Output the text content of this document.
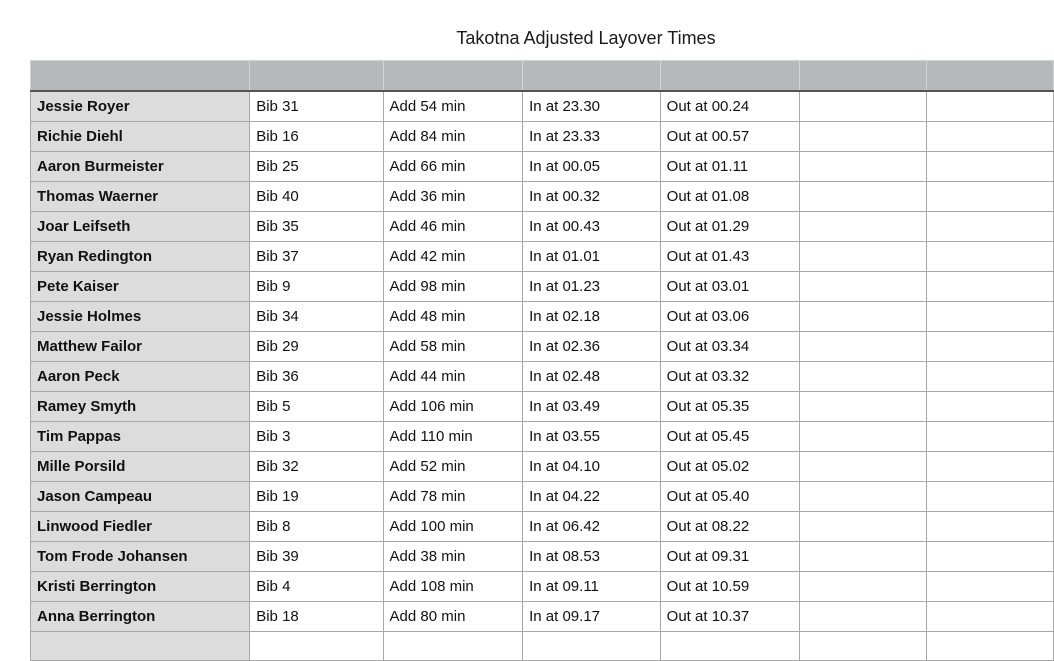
Takotna Adjusted Layover Times

Jessie Royer	Bib 31	Add 54 min	In at 23.30	Out at 00.24		
Richie Diehl	Bib 16	Add 84 min	In at 23.33	Out at 00.57		
Aaron Burmeister	Bib 25	Add 66 min	In at 00.05	Out at 01.11		
Thomas Waerner	Bib 40	Add 36 min	In at 00.32	Out at 01.08		
Joar Leifseth	Bib 35	Add 46 min	In at 00.43	Out at 01.29		
Ryan Redington	Bib 37	Add 42 min	In at 01.01	Out at 01.43		
Pete Kaiser	Bib 9	Add 98 min	In at 01.23	Out at 03.01		
Jessie Holmes	Bib 34	Add 48 min	In at 02.18	Out at 03.06		
Matthew Failor	Bib 29	Add 58 min	In at 02.36	Out at 03.34		
Aaron Peck	Bib 36	Add 44 min	In at 02.48	Out at 03.32		
Ramey Smyth	Bib 5	Add 106 min	In at 03.49	Out at 05.35		
Tim Pappas	Bib 3	Add 110 min	In at 03.55	Out at 05.45		
Mille Porsild	Bib 32	Add 52 min	In at 04.10	Out at 05.02		
Jason Campeau	Bib 19	Add 78 min	In at 04.22	Out at 05.40		
Linwood Fiedler	Bib 8	Add 100 min	In at 06.42	Out at 08.22		
Tom Frode Johansen	Bib 39	Add 38 min	In at 08.53	Out at 09.31		
Kristi Berrington	Bib 4	Add 108 min	In at 09.11	Out at 10.59		
Anna Berrington	Bib 18	Add 80 min	In at 09.17	Out at 10.37		
